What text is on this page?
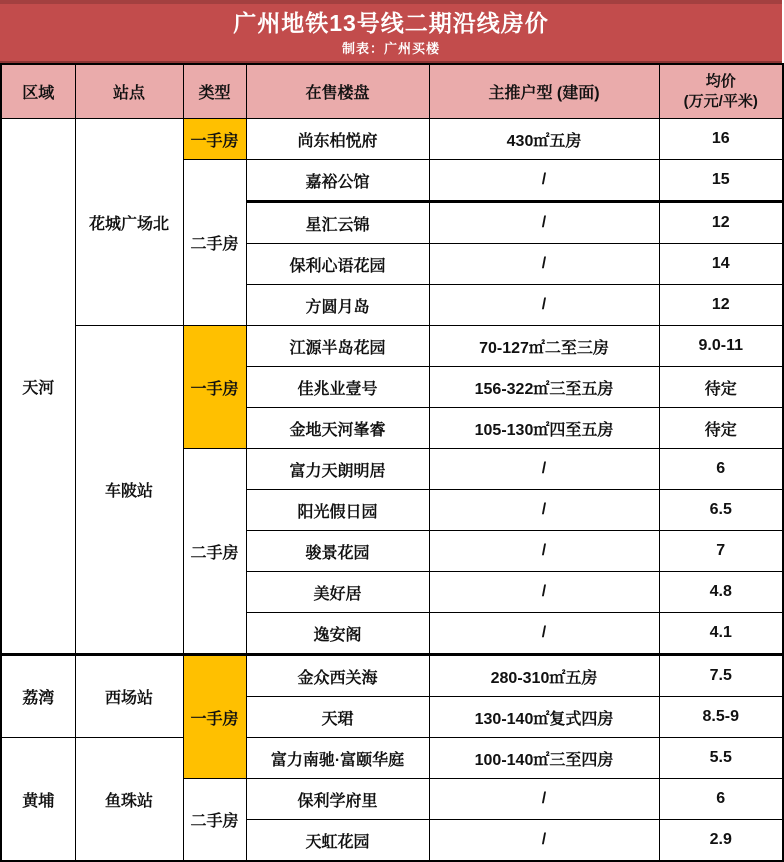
广州地铁13号线二期沿线房价
制表：广州买楼
区域	站点	类型	在售楼盘	主推户型 (建面)	均价
(万元/平米)

天河	花城广场北	一手房	尚东柏悦府	430㎡五房	16
		二手房	嘉裕公馆	/	15
			星汇云锦	/	12
			保利心语花园	/	14
			方圆月岛	/	12
	车陂站	一手房	江源半岛花园	70-127㎡二至三房	9.0-11
			佳兆业壹号	156-322㎡三至五房	待定
			金地天河峯睿	105-130㎡四至五房	待定
		二手房	富力天朗明居	/	6
			阳光假日园	/	6.5
			骏景花园	/	7
			美好居	/	4.8
			逸安阁	/	4.1
荔湾	西场站	一手房	金众西关海	280-310㎡五房	7.5
			天珺	130-140㎡复式四房	8.5-9
黄埔	鱼珠站		富力南驰·富颐华庭	100-140㎡三至四房	5.5
		二手房	保利学府里	/	6
			天虹花园	/	2.9
